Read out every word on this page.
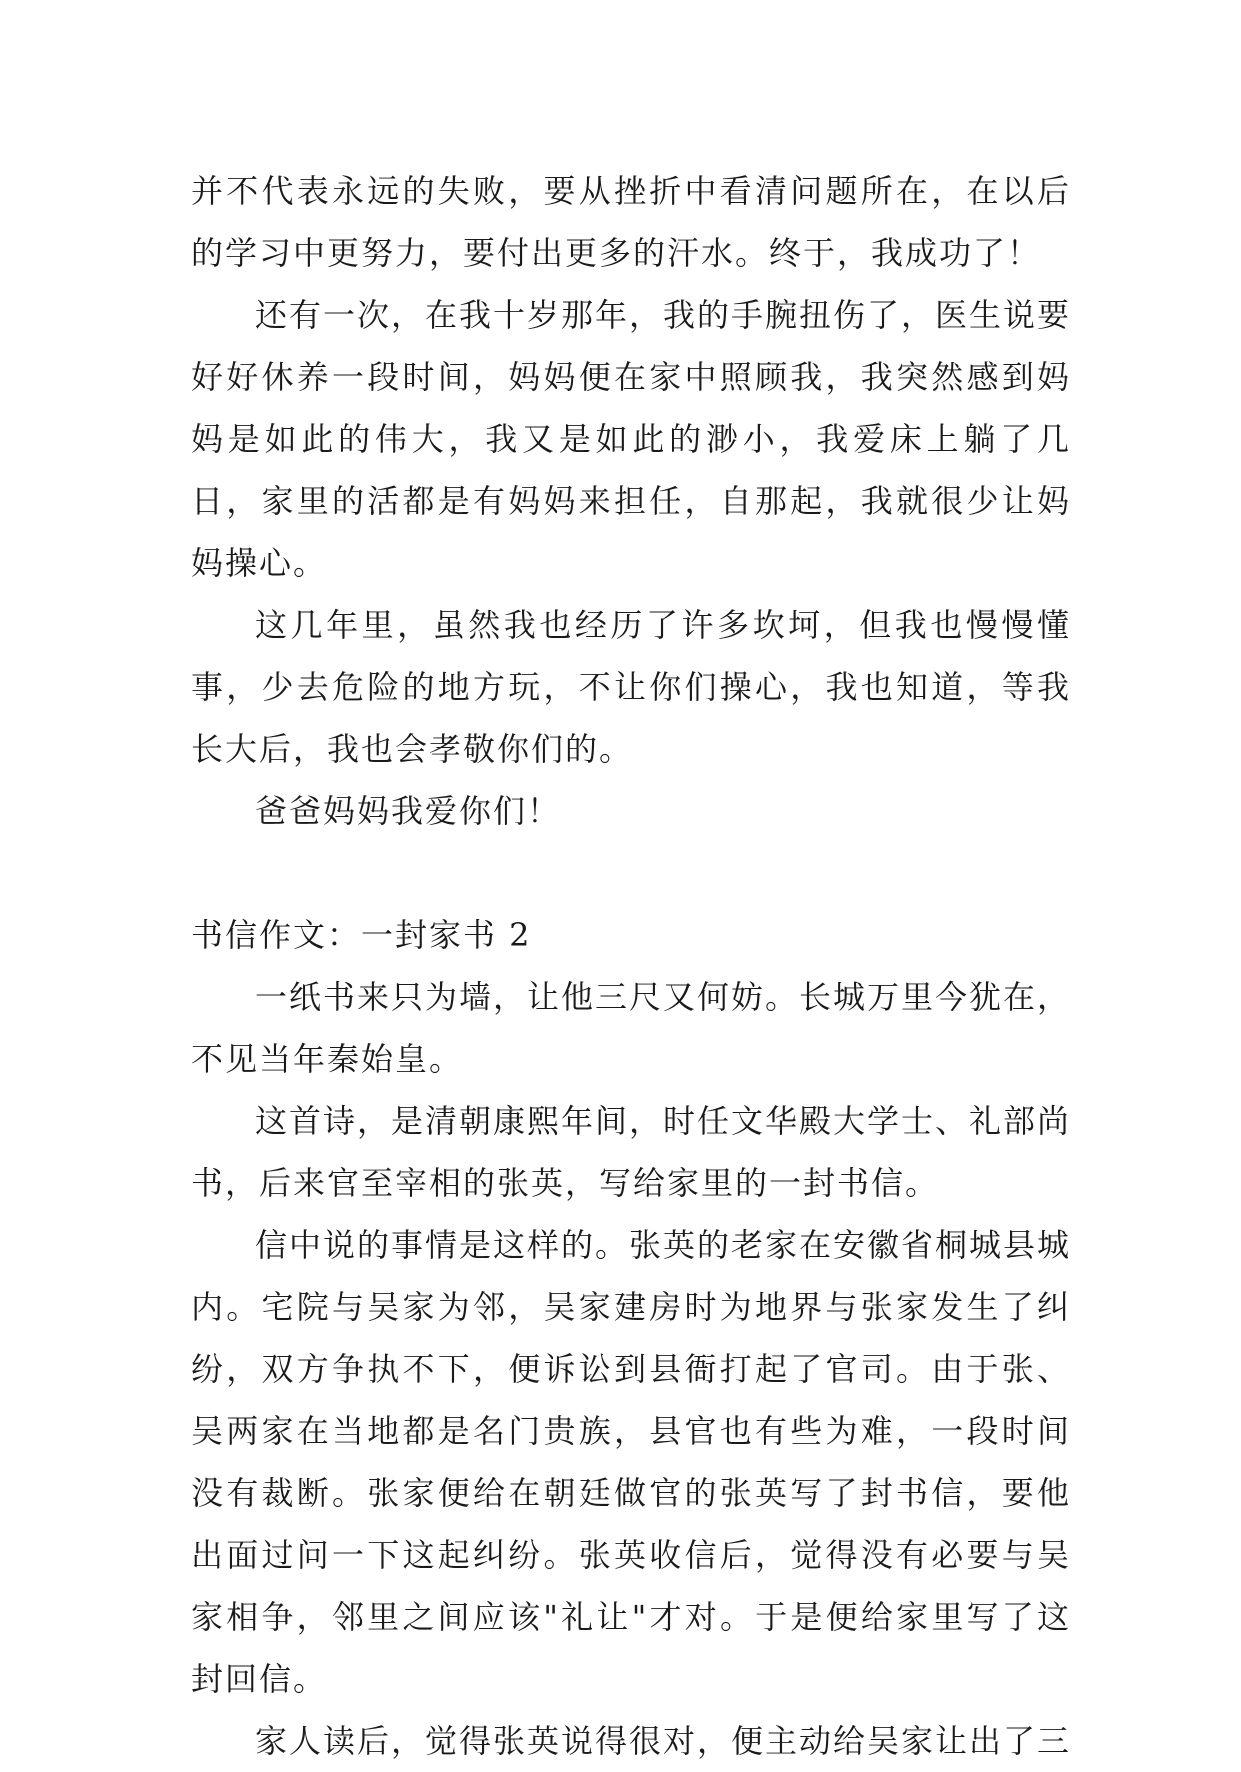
并不代表永远的失败，要从挫折中看清问题所在，在以后的学习中更努力，要付出更多的汗水。终于，我成功了！

还有一次，在我十岁那年，我的手腕扭伤了，医生说要好好休养一段时间，妈妈便在家中照顾我，我突然感到妈妈是如此的伟大，我又是如此的渺小，我爱床上躺了几日，家里的活都是有妈妈来担任，自那起，我就很少让妈妈操心。

这几年里，虽然我也经历了许多坎坷，但我也慢慢懂事，少去危险的地方玩，不让你们操心，我也知道，等我长大后，我也会孝敬你们的。

爸爸妈妈我爱你们！

书信作文：一封家书 2

一纸书来只为墙，让他三尺又何妨。长城万里今犹在，不见当年秦始皇。

这首诗，是清朝康熙年间，时任文华殿大学士、礼部尚书，后来官至宰相的张英，写给家里的一封书信。

信中说的事情是这样的。张英的老家在安徽省桐城县城内。宅院与吴家为邻，吴家建房时为地界与张家发生了纠纷，双方争执不下，便诉讼到县衙打起了官司。由于张、吴两家在当地都是名门贵族，县官也有些为难，一段时间没有裁断。张家便给在朝廷做官的张英写了封书信，要他出面过问一下这起纠纷。张英收信后，觉得没有必要与吴家相争，邻里之间应该"礼让"才对。于是便给家里写了这封回信。

家人读后，觉得张英说得很对，便主动给吴家让出了三
